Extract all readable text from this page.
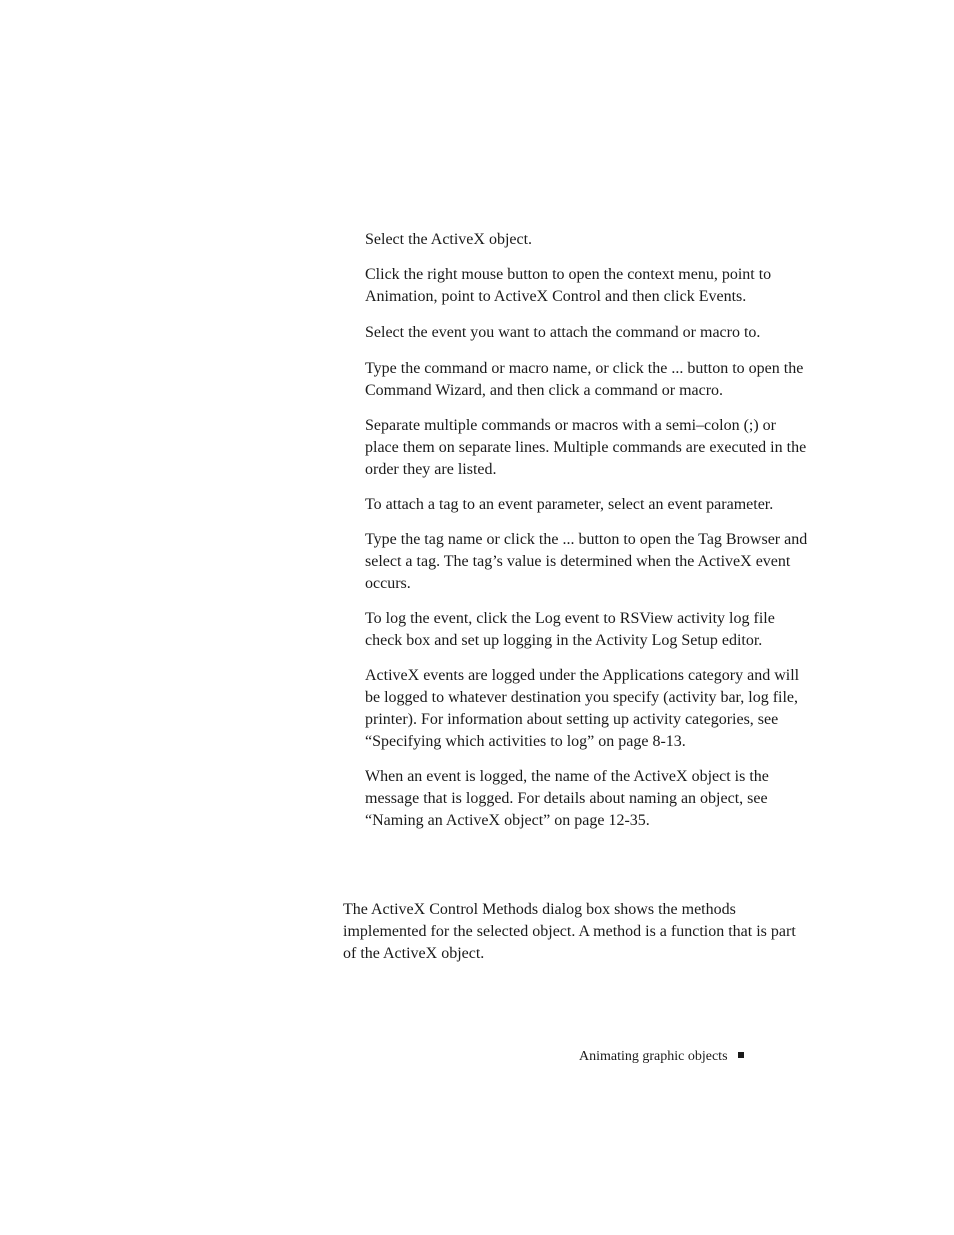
Select the ActiveX object.

Click the right mouse button to open the context menu, point to Animation, point to ActiveX Control and then click Events.

Select the event you want to attach the command or macro to.

Type the command or macro name, or click the ... button to open the Command Wizard, and then click a command or macro.

Separate multiple commands or macros with a semi–colon (;) or place them on separate lines. Multiple commands are executed in the order they are listed.

To attach a tag to an event parameter, select an event parameter.

Type the tag name or click the ... button to open the Tag Browser and select a tag. The tag’s value is determined when the ActiveX event occurs.

To log the event, click the Log event to RSView activity log file check box and set up logging in the Activity Log Setup editor.

ActiveX events are logged under the Applications category and will be logged to whatever destination you specify (activity bar, log file, printer). For information about setting up activity categories, see “Specifying which activities to log” on page 8-13.

When an event is logged, the name of the ActiveX object is the message that is logged. For details about naming an object, see “Naming an ActiveX object” on page 12-35.

The ActiveX Control Methods dialog box shows the methods implemented for the selected object. A method is a function that is part of the ActiveX object.

Animating graphic objects
